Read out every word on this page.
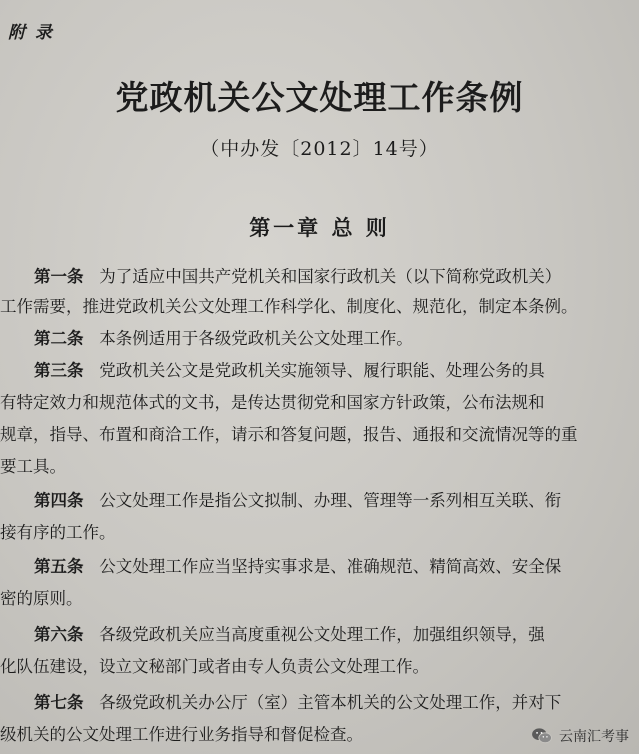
附 录
党政机关公文处理工作条例
（中办发〔2012〕14号）
第一章 总 则
第一条 为了适应中国共产党机关和国家行政机关（以下简称党政机关）
工作需要，推进党政机关公文处理工作科学化、制度化、规范化，制定本条例。
第二条 本条例适用于各级党政机关公文处理工作。
第三条 党政机关公文是党政机关实施领导、履行职能、处理公务的具
有特定效力和规范体式的文书，是传达贯彻党和国家方针政策，公布法规和
规章，指导、布置和商洽工作，请示和答复问题，报告、通报和交流情况等的重
要工具。
第四条 公文处理工作是指公文拟制、办理、管理等一系列相互关联、衔
接有序的工作。
第五条 公文处理工作应当坚持实事求是、准确规范、精简高效、安全保
密的原则。
第六条 各级党政机关应当高度重视公文处理工作，加强组织领导，强
化队伍建设，设立文秘部门或者由专人负责公文处理工作。
第七条 各级党政机关办公厅（室）主管本机关的公文处理工作，并对下
级机关的公文处理工作进行业务指导和督促检查。	云南汇考事
